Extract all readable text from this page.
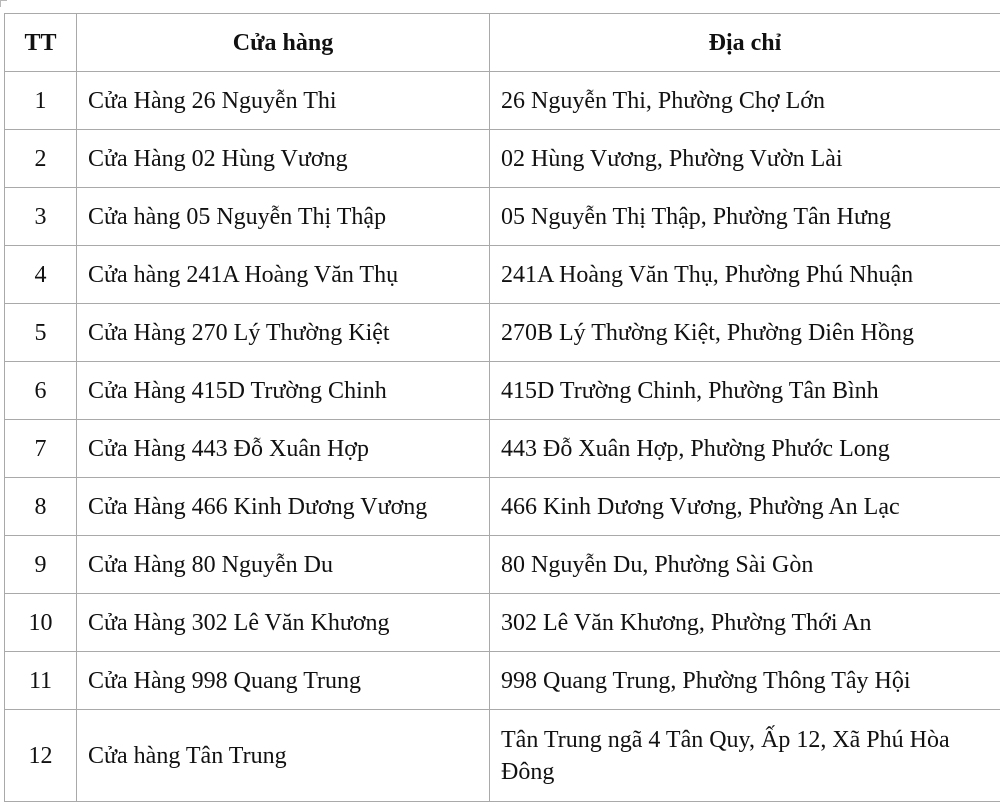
TT	Cửa hàng	Địa chỉ
1	Cửa Hàng 26 Nguyễn Thi	26 Nguyễn Thi, Phường Chợ Lớn
2	Cửa Hàng 02 Hùng Vương	02 Hùng Vương, Phường Vườn Lài
3	Cửa hàng 05 Nguyễn Thị Thập	05 Nguyễn Thị Thập, Phường Tân Hưng
4	Cửa hàng 241A Hoàng Văn Thụ	241A Hoàng Văn Thụ, Phường Phú Nhuận
5	Cửa Hàng 270 Lý Thường Kiệt	270B Lý Thường Kiệt, Phường Diên Hồng
6	Cửa Hàng 415D Trường Chinh	415D Trường Chinh, Phường Tân Bình
7	Cửa Hàng 443 Đỗ Xuân Hợp	443 Đỗ Xuân Hợp, Phường Phước Long
8	Cửa Hàng 466 Kinh Dương Vương	466 Kinh Dương Vương, Phường An Lạc
9	Cửa Hàng 80 Nguyễn Du	80 Nguyễn Du, Phường Sài Gòn
10	Cửa Hàng 302 Lê Văn Khương	302 Lê Văn Khương, Phường Thới An
11	Cửa Hàng 998 Quang Trung	998 Quang Trung, Phường Thông Tây Hội
12	Cửa hàng Tân Trung	Tân Trung ngã 4 Tân Quy, Ấp 12, Xã Phú Hòa Đông
